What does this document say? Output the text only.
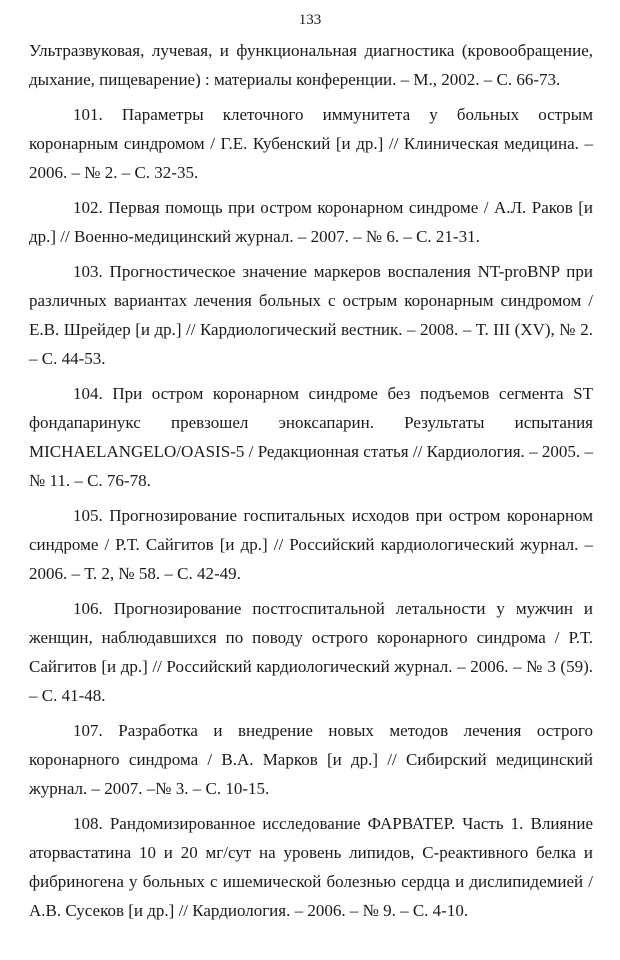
133

Ультразвуковая, лучевая, и функциональная диагностика (кровообращение, дыхание, пищеварение) : материалы конференции. – М., 2002. – С. 66-73.

101. Параметры клеточного иммунитета у больных острым коронарным синдромом / Г.Е. Кубенский [и др.] // Клиническая медицина. – 2006. – № 2. – С. 32-35.

102. Первая помощь при остром коронарном синдроме / А.Л. Раков [и др.] // Военно-медицинский журнал. – 2007. – № 6. – С. 21-31.

103. Прогностическое значение маркеров воспаления NT-proBNP при различных вариантах лечения больных с острым коронарным синдромом / Е.В. Шрейдер [и др.] // Кардиологический вестник. – 2008. – Т. III (XV), № 2. – С. 44-53.

104. При остром коронарном синдроме без подъемов сегмента ST фондапаринукс превзошел эноксапарин. Результаты испытания MICHAELANGELO/OASIS-5 / Редакционная статья // Кардиология. – 2005. – № 11. – С. 76-78.

105. Прогнозирование госпитальных исходов при остром коронарном синдроме / Р.Т. Сайгитов [и др.] // Российский кардиологический журнал. – 2006. – Т. 2, № 58. – С. 42-49.

106. Прогнозирование постгоспитальной летальности у мужчин и женщин, наблюдавшихся по поводу острого коронарного синдрома / Р.Т. Сайгитов [и др.] // Российский кардиологический журнал. – 2006. – № 3 (59). – С. 41-48.

107. Разработка и внедрение новых методов лечения острого коронарного синдрома / В.А. Марков [и др.] // Сибирский медицинский журнал. – 2007. –№ 3. – С. 10-15.

108. Рандомизированное исследование ФАРВАТЕР. Часть 1. Влияние аторвастатина 10 и 20 мг/сут на уровень липидов, С-реактивного белка и фибриногена у больных с ишемической болезнью сердца и дислипидемией / А.В. Сусеков [и др.] // Кардиология. – 2006. – № 9. – С. 4-10.
